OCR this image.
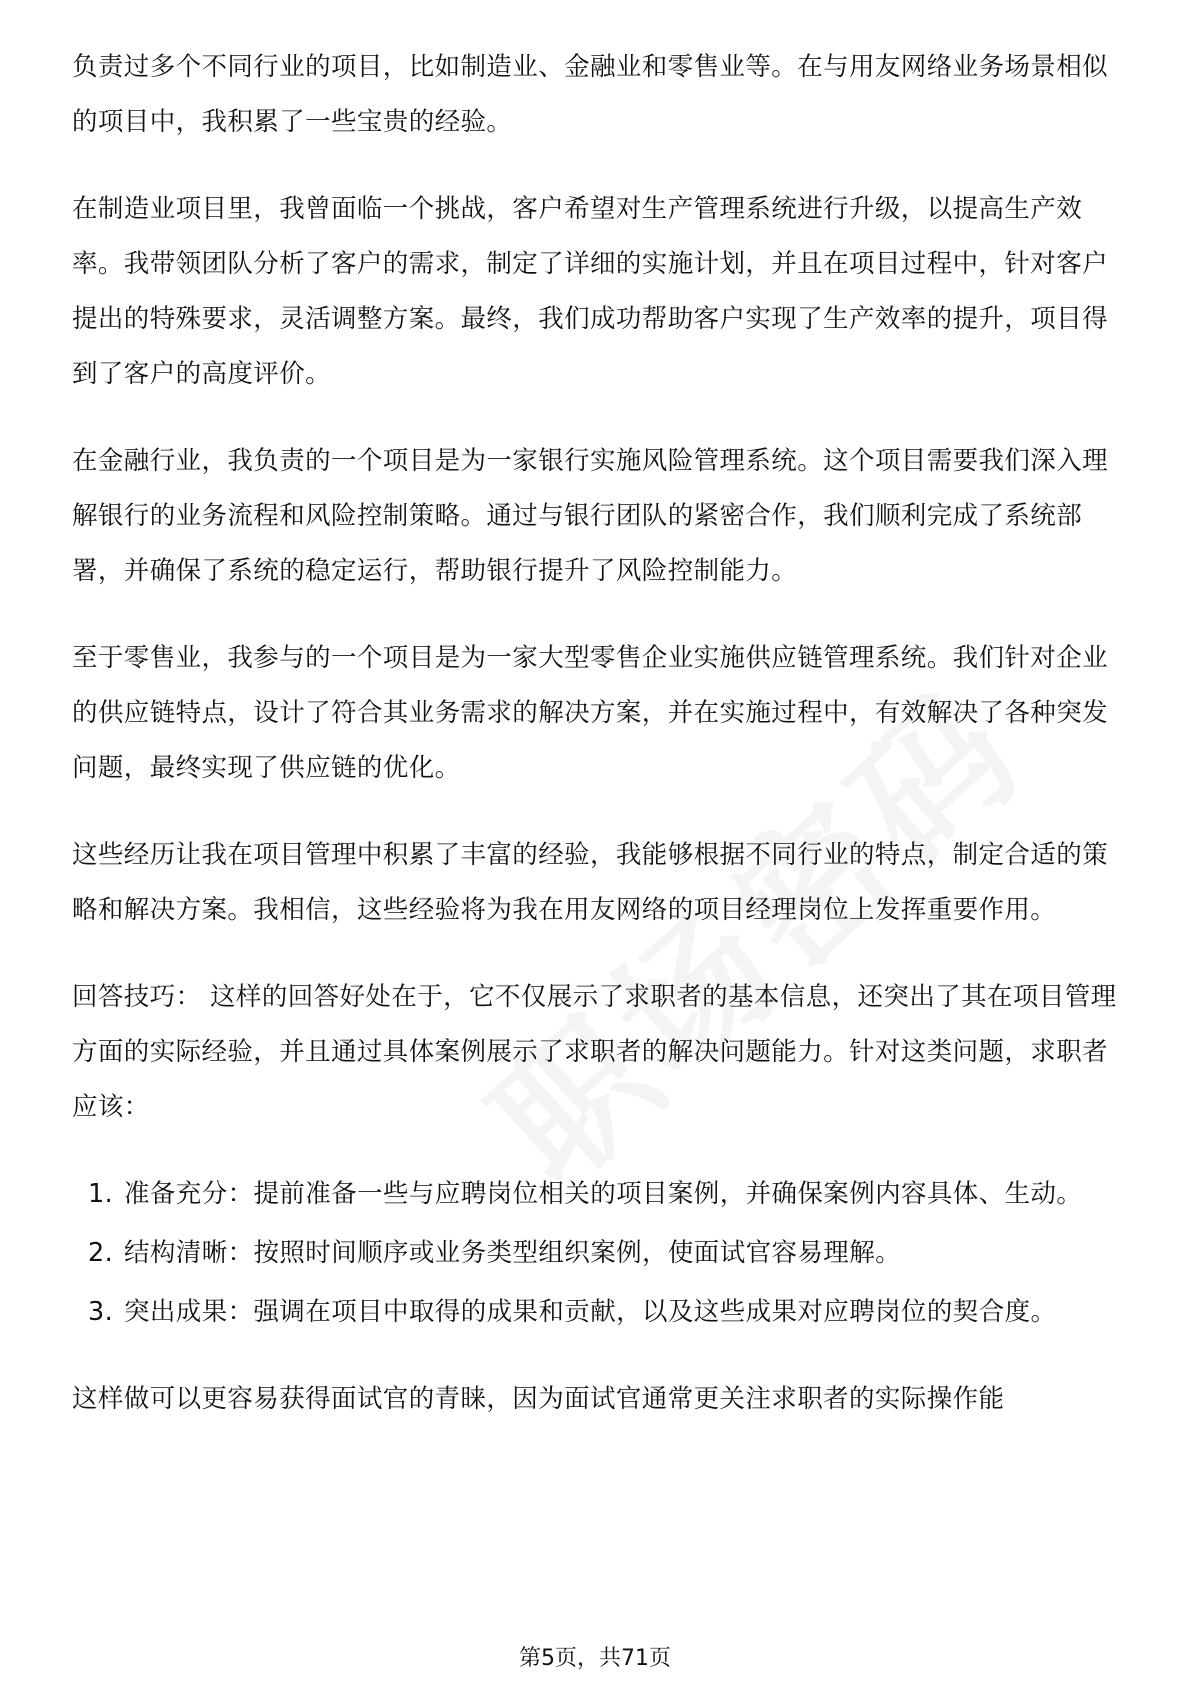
负责过多个不同行业的项目，比如制造业、金融业和零售业等。在与用友网络业务场景相似的项目中，我积累了一些宝贵的经验。

在制造业项目里，我曾面临一个挑战，客户希望对生产管理系统进行升级，以提高生产效率。我带领团队分析了客户的需求，制定了详细的实施计划，并且在项目过程中，针对客户提出的特殊要求，灵活调整方案。最终，我们成功帮助客户实现了生产效率的提升，项目得到了客户的高度评价。

在金融行业，我负责的一个项目是为一家银行实施风险管理系统。这个项目需要我们深入理解银行的业务流程和风险控制策略。通过与银行团队的紧密合作，我们顺利完成了系统部署，并确保了系统的稳定运行，帮助银行提升了风险控制能力。

至于零售业，我参与的一个项目是为一家大型零售企业实施供应链管理系统。我们针对企业的供应链特点，设计了符合其业务需求的解决方案，并在实施过程中，有效解决了各种突发问题，最终实现了供应链的优化。

这些经历让我在项目管理中积累了丰富的经验，我能够根据不同行业的特点，制定合适的策略和解决方案。我相信，这些经验将为我在用友网络的项目经理岗位上发挥重要作用。

回答技巧： 这样的回答好处在于，它不仅展示了求职者的基本信息，还突出了其在项目管理方面的实际经验，并且通过具体案例展示了求职者的解决问题能力。针对这类问题，求职者应该：

1. 准备充分：提前准备一些与应聘岗位相关的项目案例，并确保案例内容具体、生动。
2. 结构清晰：按照时间顺序或业务类型组织案例，使面试官容易理解。
3. 突出成果：强调在项目中取得的成果和贡献，以及这些成果对应聘岗位的契合度。

这样做可以更容易获得面试官的青睐，因为面试官通常更关注求职者的实际操作能

第5页，共71页
